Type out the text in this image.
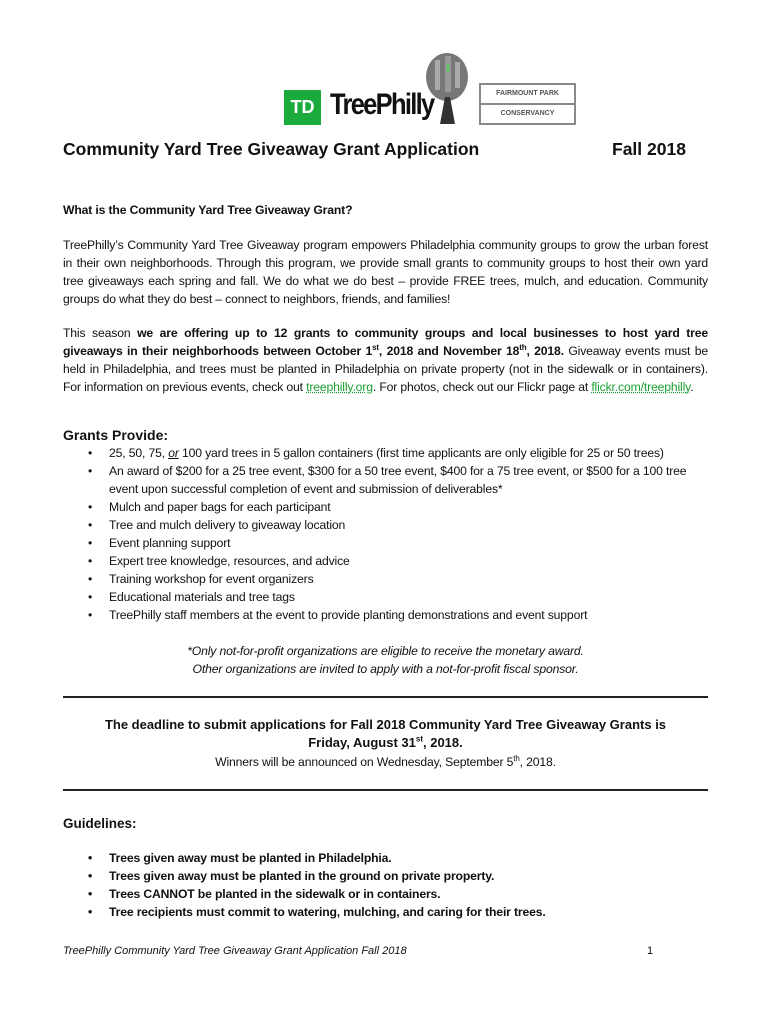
TD TreePhilly	FAIRMOUNT PARK
CONSERVANCY
Community Yard Tree Giveaway Grant Application	Fall 2018
What is the Community Yard Tree Giveaway Grant?
TreePhilly’s Community Yard Tree Giveaway program empowers Philadelphia community groups to grow the urban forest in their own neighborhoods. Through this program, we provide small grants to community groups to host their own yard tree giveaways each spring and fall. We do what we do best – provide FREE trees, mulch, and education. Community groups do what they do best – connect to neighbors, friends, and families!
This season we are offering up to 12 grants to community groups and local businesses to host yard tree giveaways in their neighborhoods between October 1st, 2018 and November 18th, 2018. Giveaway events must be held in Philadelphia, and trees must be planted in Philadelphia on private property (not in the sidewalk or in containers). For information on previous events, check out treephilly.org. For photos, check out our Flickr page at flickr.com/treephilly.
Grants Provide:
• 25, 50, 75, or 100 yard trees in 5 gallon containers (first time applicants are only eligible for 25 or 50 trees)
• An award of $200 for a 25 tree event, $300 for a 50 tree event, $400 for a 75 tree event, or $500 for a 100 tree event upon successful completion of event and submission of deliverables*
• Mulch and paper bags for each participant
• Tree and mulch delivery to giveaway location
• Event planning support
• Expert tree knowledge, resources, and advice
• Training workshop for event organizers
• Educational materials and tree tags
• TreePhilly staff members at the event to provide planting demonstrations and event support
*Only not-for-profit organizations are eligible to receive the monetary award.
Other organizations are invited to apply with a not-for-profit fiscal sponsor.
The deadline to submit applications for Fall 2018 Community Yard Tree Giveaway Grants is
Friday, August 31st, 2018.
Winners will be announced on Wednesday, September 5th, 2018.
Guidelines:
• Trees given away must be planted in Philadelphia.
• Trees given away must be planted in the ground on private property.
• Trees CANNOT be planted in the sidewalk or in containers.
• Tree recipients must commit to watering, mulching, and caring for their trees.
TreePhilly Community Yard Tree Giveaway Grant Application Fall 2018	1
